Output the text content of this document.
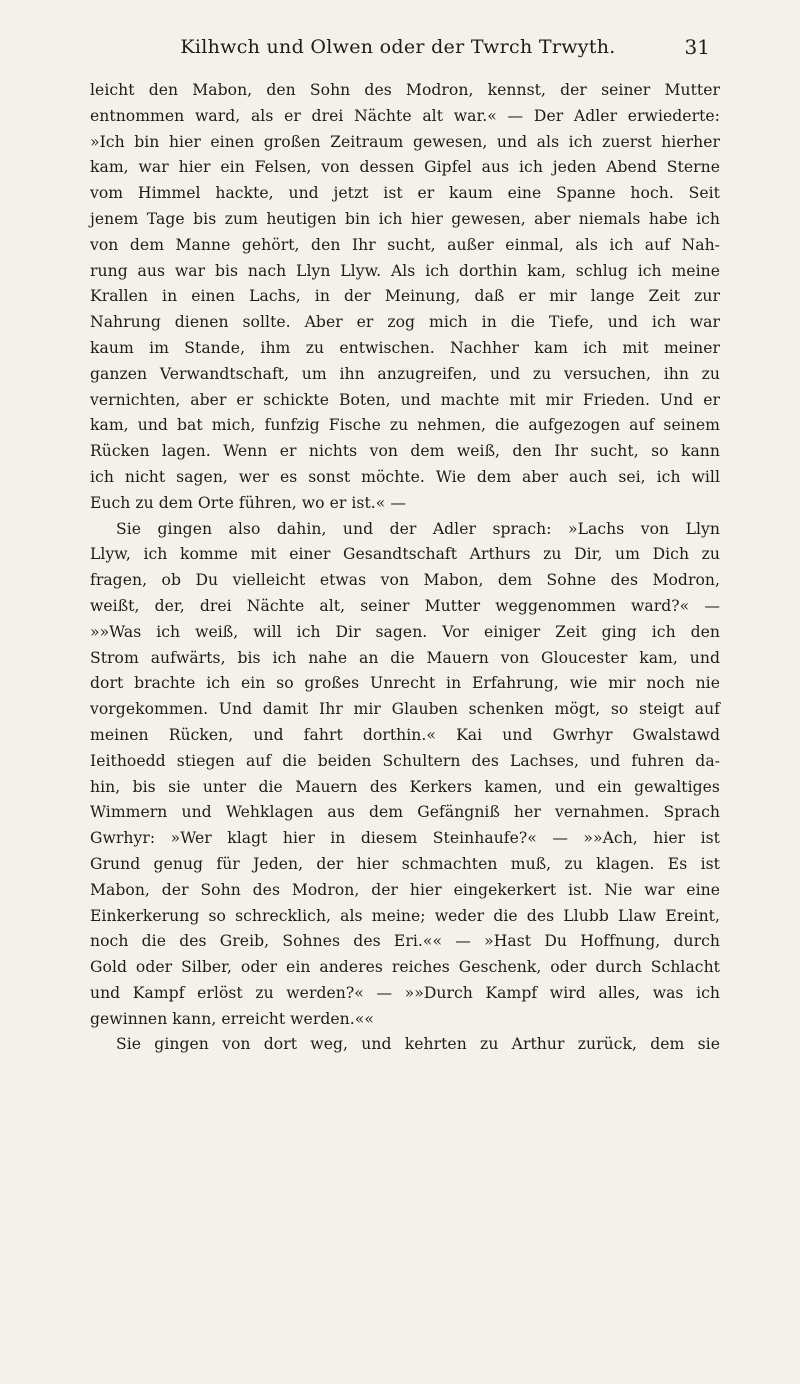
Kilhwch und Olwen oder der Twrch Trwyth.	31
leicht den Mabon, den Sohn des Modron, kennst, der seiner Mutter
entnommen ward, als er drei Nächte alt war.« — Der Adler erwiederte:
»Ich bin hier einen großen Zeitraum gewesen, und als ich zuerst hierher
kam, war hier ein Felsen, von dessen Gipfel aus ich jeden Abend Sterne
vom Himmel hackte, und jetzt ist er kaum eine Spanne hoch. Seit
jenem Tage bis zum heutigen bin ich hier gewesen, aber niemals habe ich
von dem Manne gehört, den Ihr sucht, außer einmal, als ich auf Nah-
rung aus war bis nach Llyn Llyw. Als ich dorthin kam, schlug ich meine
Krallen in einen Lachs, in der Meinung, daß er mir lange Zeit zur
Nahrung dienen sollte. Aber er zog mich in die Tiefe, und ich war
kaum im Stande, ihm zu entwischen. Nachher kam ich mit meiner
ganzen Verwandtschaft, um ihn anzugreifen, und zu versuchen, ihn zu
vernichten, aber er schickte Boten, und machte mit mir Frieden. Und er
kam, und bat mich, funfzig Fische zu nehmen, die aufgezogen auf seinem
Rücken lagen. Wenn er nichts von dem weiß, den Ihr sucht, so kann
ich nicht sagen, wer es sonst möchte. Wie dem aber auch sei, ich will
Euch zu dem Orte führen, wo er ist.« —
Sie gingen also dahin, und der Adler sprach: »Lachs von Llyn
Llyw, ich komme mit einer Gesandtschaft Arthurs zu Dir, um Dich zu
fragen, ob Du vielleicht etwas von Mabon, dem Sohne des Modron,
weißt, der, drei Nächte alt, seiner Mutter weggenommen ward?« —
»»Was ich weiß, will ich Dir sagen. Vor einiger Zeit ging ich den
Strom aufwärts, bis ich nahe an die Mauern von Gloucester kam, und
dort brachte ich ein so großes Unrecht in Erfahrung, wie mir noch nie
vorgekommen. Und damit Ihr mir Glauben schenken mögt, so steigt auf
meinen Rücken, und fahrt dorthin.« Kai und Gwrhyr Gwalstawd
Ieithoedd stiegen auf die beiden Schultern des Lachses, und fuhren da-
hin, bis sie unter die Mauern des Kerkers kamen, und ein gewaltiges
Wimmern und Wehklagen aus dem Gefängniß her vernahmen. Sprach
Gwrhyr: »Wer klagt hier in diesem Steinhaufe?« — »»Ach, hier ist
Grund genug für Jeden, der hier schmachten muß, zu klagen. Es ist
Mabon, der Sohn des Modron, der hier eingekerkert ist. Nie war eine
Einkerkerung so schrecklich, als meine; weder die des Llubb Llaw Ereint,
noch die des Greib, Sohnes des Eri.«« — »Hast Du Hoffnung, durch
Gold oder Silber, oder ein anderes reiches Geschenk, oder durch Schlacht
und Kampf erlöst zu werden?« — »»Durch Kampf wird alles, was ich
gewinnen kann, erreicht werden.««
Sie gingen von dort weg, und kehrten zu Arthur zurück, dem sie
